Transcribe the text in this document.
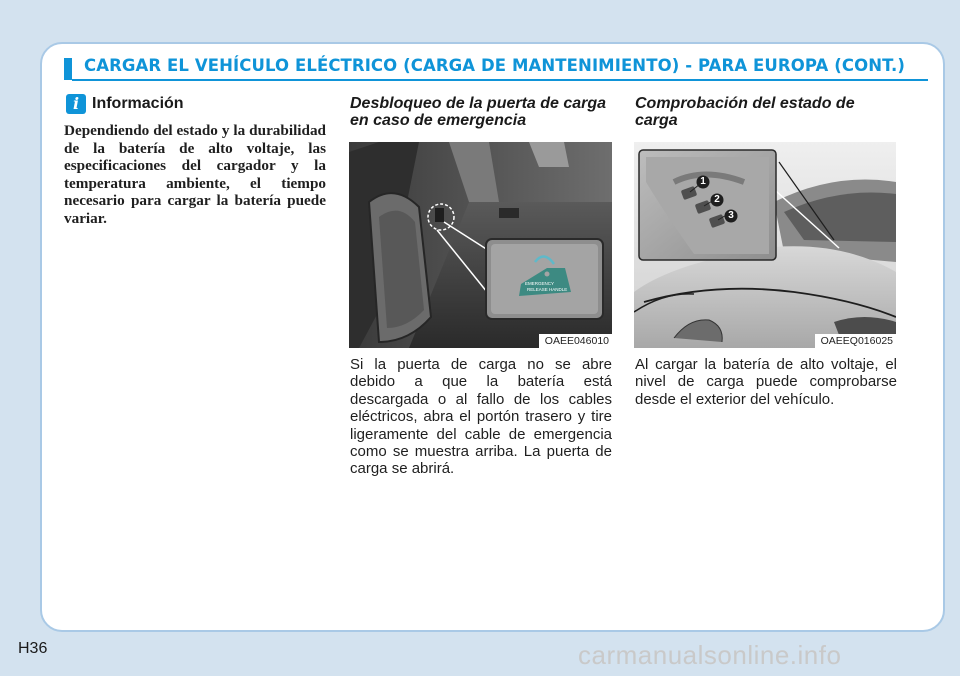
CARGAR EL VEHÍCULO ELÉCTRICO (CARGA DE MANTENIMIENTO) - PARA EUROPA (CONT.)
i Información
Dependiendo del estado y la durabilidad de la batería de alto voltaje, las especificaciones del cargador y la temperatura ambiente, el tiempo necesario para cargar la batería puede variar.
Desbloqueo de la puerta de carga en caso de emergencia
EMERGENCY
RELEASE HANDLE
OAEE046010
Si la puerta de carga no se abre debido a que la batería está descargada o al fallo de los cables eléctricos, abra el portón trasero y tire ligeramente del cable de emergencia como se muestra arriba. La puerta de carga se abrirá.
Comprobación del estado de carga
1
2
3
OAEEQ016025
Al cargar la batería de alto voltaje, el nivel de carga puede comprobarse desde el exterior del vehículo.
H36	carmanualsonline.info
